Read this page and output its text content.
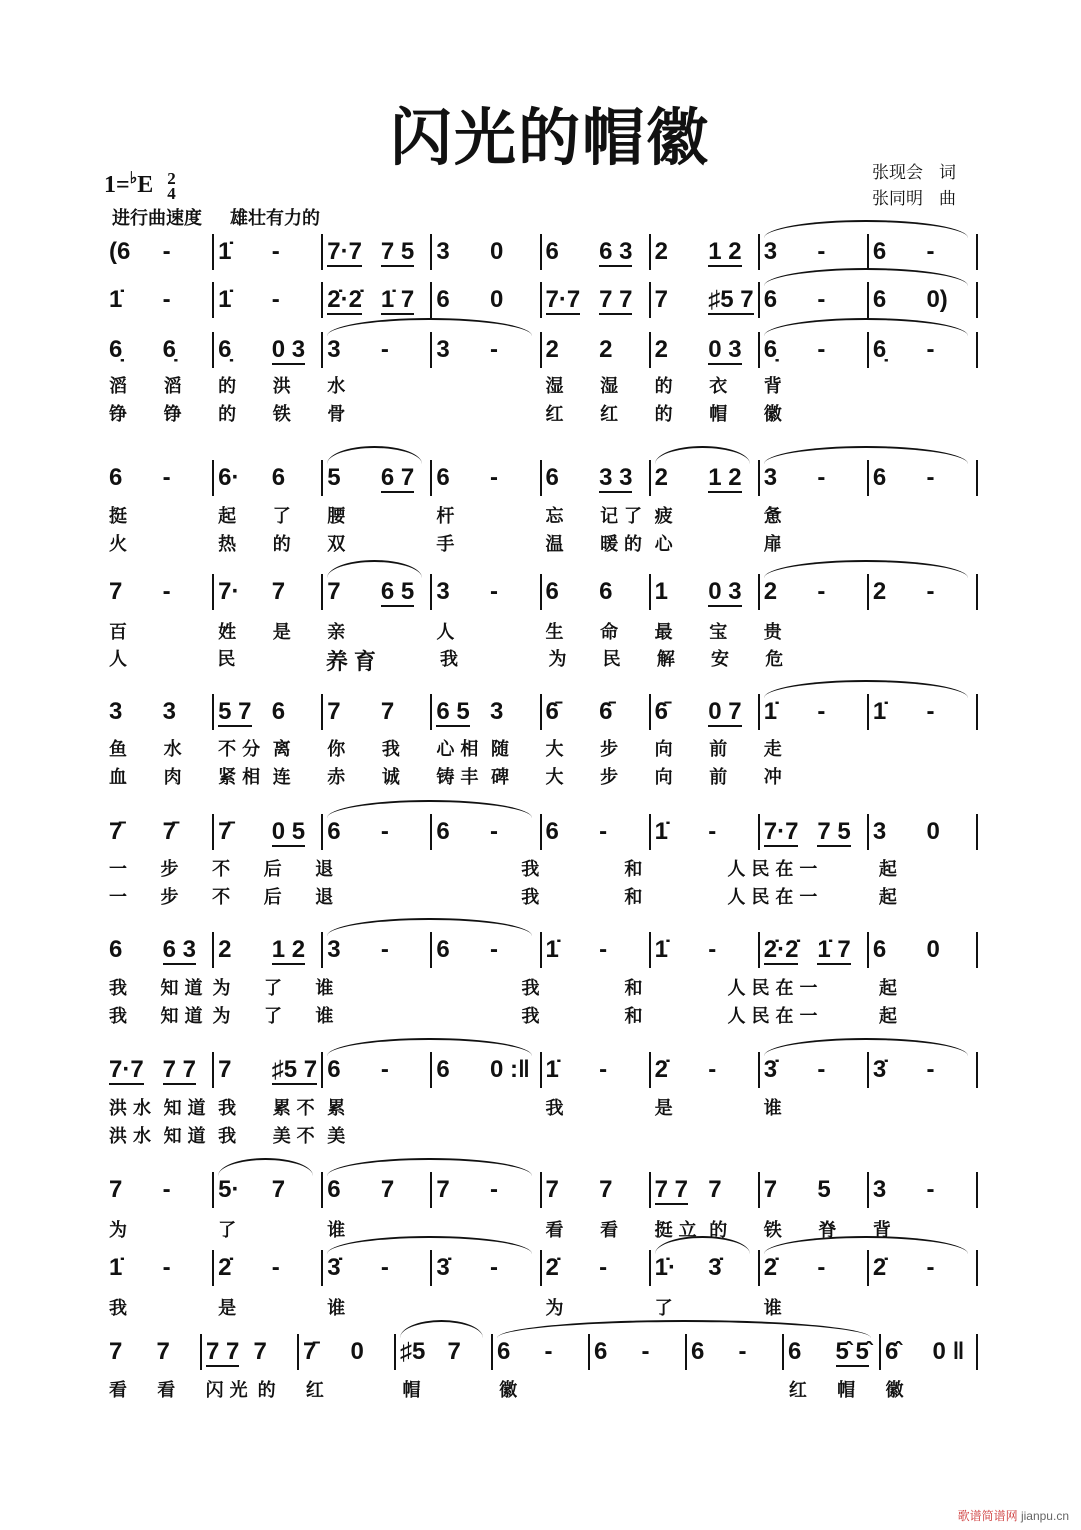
闪光的帽徽
1=♭E 2
4
进行曲速度 雄壮有力的
张现会 词
张同明 曲
(6	-	1̇	-	7·7 7 5 3	0	6	6 3 2	1 2 3	-	6	-
1̇	-	1̇	-	2̇·2̇ 1̇ 7 6	0	7·7 7 7 7	♯5 7 6	-	6	0)
6̣	6̣	6̣	0 3 3	-	3	-	2	2	2	0 3 6̣	-	6̣	-
滔	滔	的	洪	水	湿	湿	的	衣	背
铮	铮	的	铁	骨	红	红	的	帽	徽
6	-	6·	6	5	6 7 6	-	6	3 3 2	1 2 3	-	6	-
挺	起	了	腰	杆	忘	记了 疲	惫
火	热	的	双	手	温	暖的 心	扉
7	-	7·	7	7	6 5 3	-	6	6	1	0 3 2	-	2	-
百	姓	是	亲	人	生	命	最	宝	贵
人	民	养育	我	为	民	解	安	危
3	3	5 7 6	7	7	6 5 3	6̄	6̄	6̄	0 7 1̇	-	1̇	-
鱼	水	不分 离	你	我	心相 随	大	步	向	前	走
血	肉	紧相 连	赤	诚	铸丰 碑	大	步	向	前	冲
7̄	7̄	7̄	0 5 6	-	6	-	6	-	1̇	-	7·7 7 5 3	0
一	步	不	后	退	我	和	人民在一	起
一	步	不	后	退	我	和	人民在一	起
6	6 3 2	1 2 3	-	6	-	1̇	-	1̇	-	2̇·2̇ 1̇ 7 6	0
我	知道 为	了	谁	我	和	人民在一	起
我	知道 为	了	谁	我	和	人民在一	起
7·7 7 7 7	♯5 7 6	-	6	0 :‖ 1̇	-	2̇	-	3̇	-	3̇	-
洪水 知道 我	累不 累	我	是	谁
洪水 知道 我	美不 美
7	-	5·	7	6	7	7	-	7	7	7 7 7	7	5	3	-
为	了	谁	看	看	挺立 的	铁	脊	背
1̇	-	2̇	-	3̇	-	3̇	-	2̇	-	1̇·	3̇	2̇	-	2̇	-
我	是	谁	为	了	谁
7	7	7 7 7	7̄	0	♯5 7	6	-	6	-	6	-	6	5̂ 5̂ 6̂	0 ‖
看	看	闪光 的	红	帽	徽	红	帽	徽
歌谱简谱网 jianpu.cn
